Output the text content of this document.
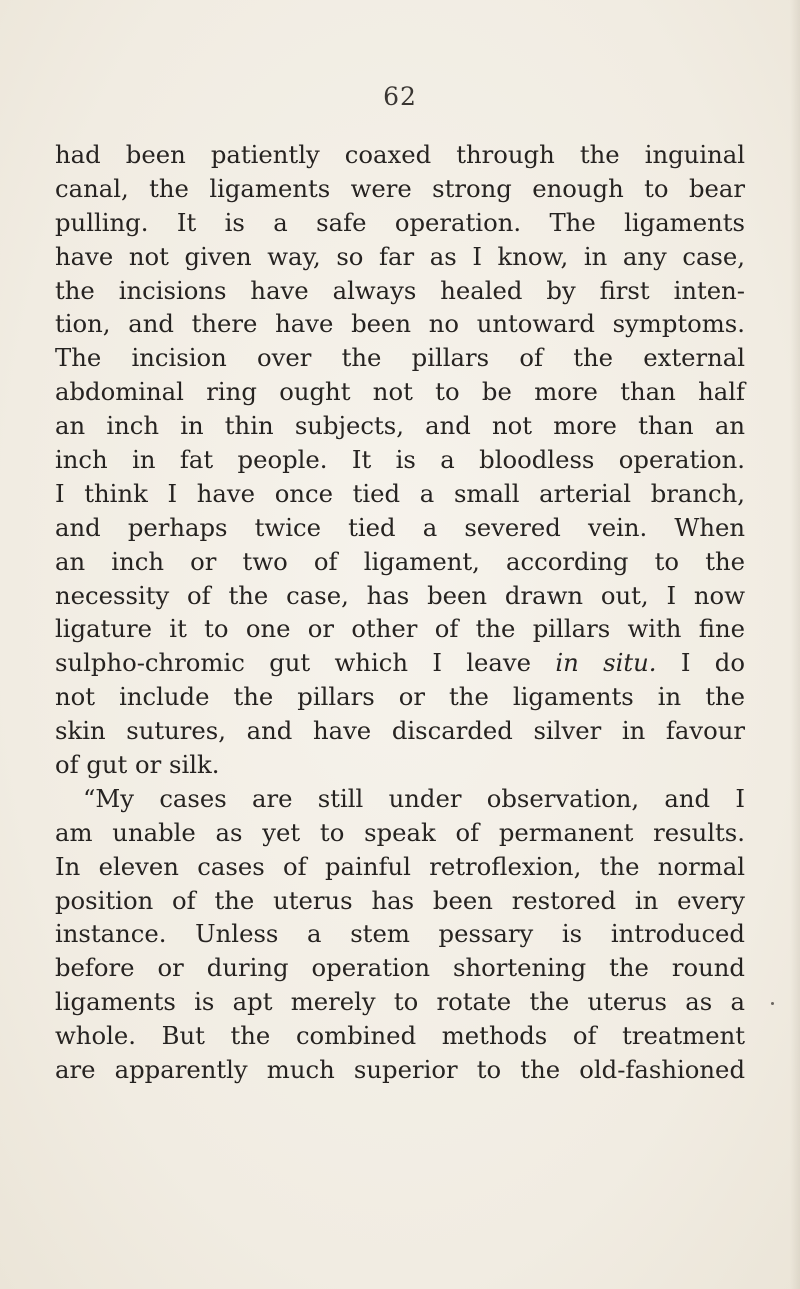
62
had been patiently coaxed through the inguinal
canal, the ligaments were strong enough to bear
pulling. It is a safe operation. The ligaments
have not given way, so far as I know, in any case,
the incisions have always healed by first inten-
tion, and there have been no untoward symptoms.
The incision over the pillars of the external
abdominal ring ought not to be more than half
an inch in thin subjects, and not more than an
inch in fat people. It is a bloodless operation.
I think I have once tied a small arterial branch,
and perhaps twice tied a severed vein. When
an inch or two of ligament, according to the
necessity of the case, has been drawn out, I now
ligature it to one or other of the pillars with fine
sulpho-chromic gut which I leave in situ. I do
not include the pillars or the ligaments in the
skin sutures, and have discarded silver in favour
of gut or silk.
“My cases are still under observation, and I
am unable as yet to speak of permanent results.
In eleven cases of painful retroflexion, the normal
position of the uterus has been restored in every
instance. Unless a stem pessary is introduced
before or during operation shortening the round
ligaments is apt merely to rotate the uterus as a
whole. But the combined methods of treatment
are apparently much superior to the old-fashioned
